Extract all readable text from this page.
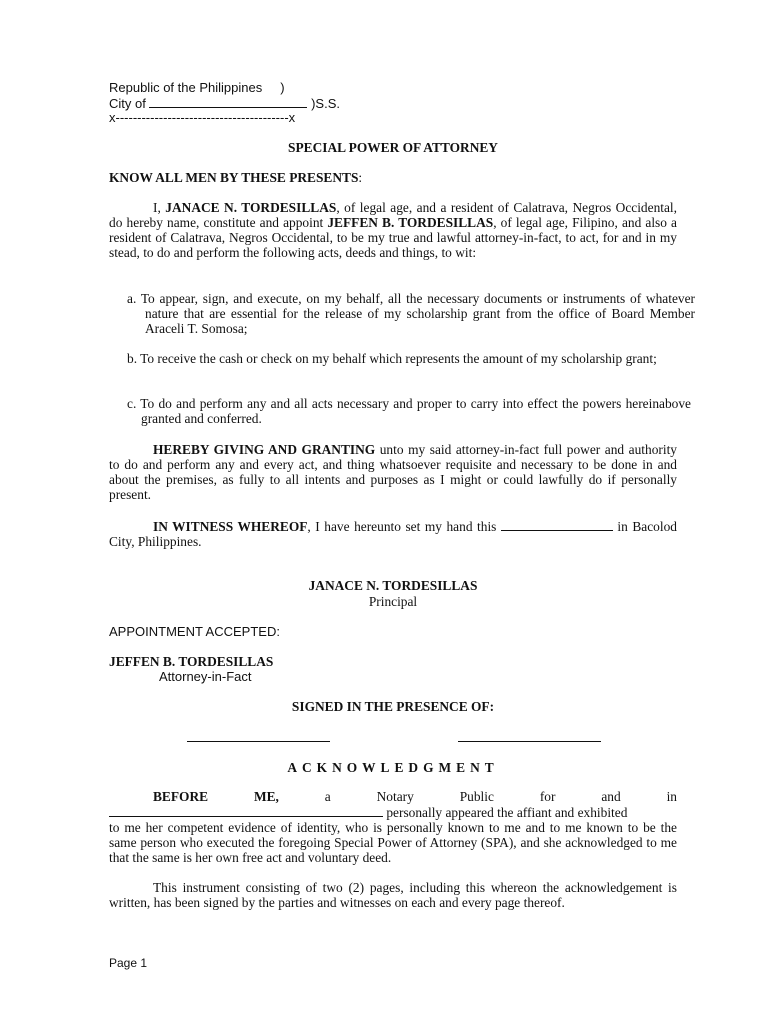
Republic of the Philippines     )
City of	)S.S.
x----------------------------------------x
SPECIAL POWER OF ATTORNEY
KNOW ALL MEN BY THESE PRESENTS:
I, JANACE N. TORDESILLAS, of legal age, and a resident of Calatrava, Negros Occidental, do hereby name, constitute and appoint JEFFEN B. TORDESILLAS, of legal age, Filipino, and also a resident of Calatrava, Negros Occidental, to be my true and lawful attorney-in-fact, to act, for and in my stead, to do and perform the following acts, deeds and things, to wit:
a. To appear, sign, and execute, on my behalf, all the necessary documents or instruments of whatever nature that are essential for the release of my scholarship grant from the office of Board Member Araceli T. Somosa;
b. To receive the cash or check on my behalf which represents the amount of my scholarship grant;
c. To do and perform any and all acts necessary and proper to carry into effect the powers hereinabove granted and conferred.
HEREBY GIVING AND GRANTING unto my said attorney-in-fact full power and authority to do and perform any and every act, and thing whatsoever requisite and necessary to be done in and about the premises, as fully to all intents and purposes as I might or could lawfully do if personally present.
IN WITNESS WHEREOF, I have hereunto set my hand this	in Bacolod City, Philippines.
JANACE N. TORDESILLAS
Principal
APPOINTMENT ACCEPTED:
JEFFEN B. TORDESILLAS
Attorney-in-Fact
SIGNED IN THE PRESENCE OF:
ACKNOWLEDGMENT
BEFORE	ME,	a	Notary	Public	for	and	in
personally appeared the affiant and exhibited
to me her competent evidence of identity, who is personally known to me and to me known to be the same person who executed the foregoing Special Power of Attorney (SPA), and she acknowledged to me that the same is her own free act and voluntary deed.
This instrument consisting of two (2) pages, including this whereon the acknowledgement is written, has been signed by the parties and witnesses on each and every page thereof.
Page 1
